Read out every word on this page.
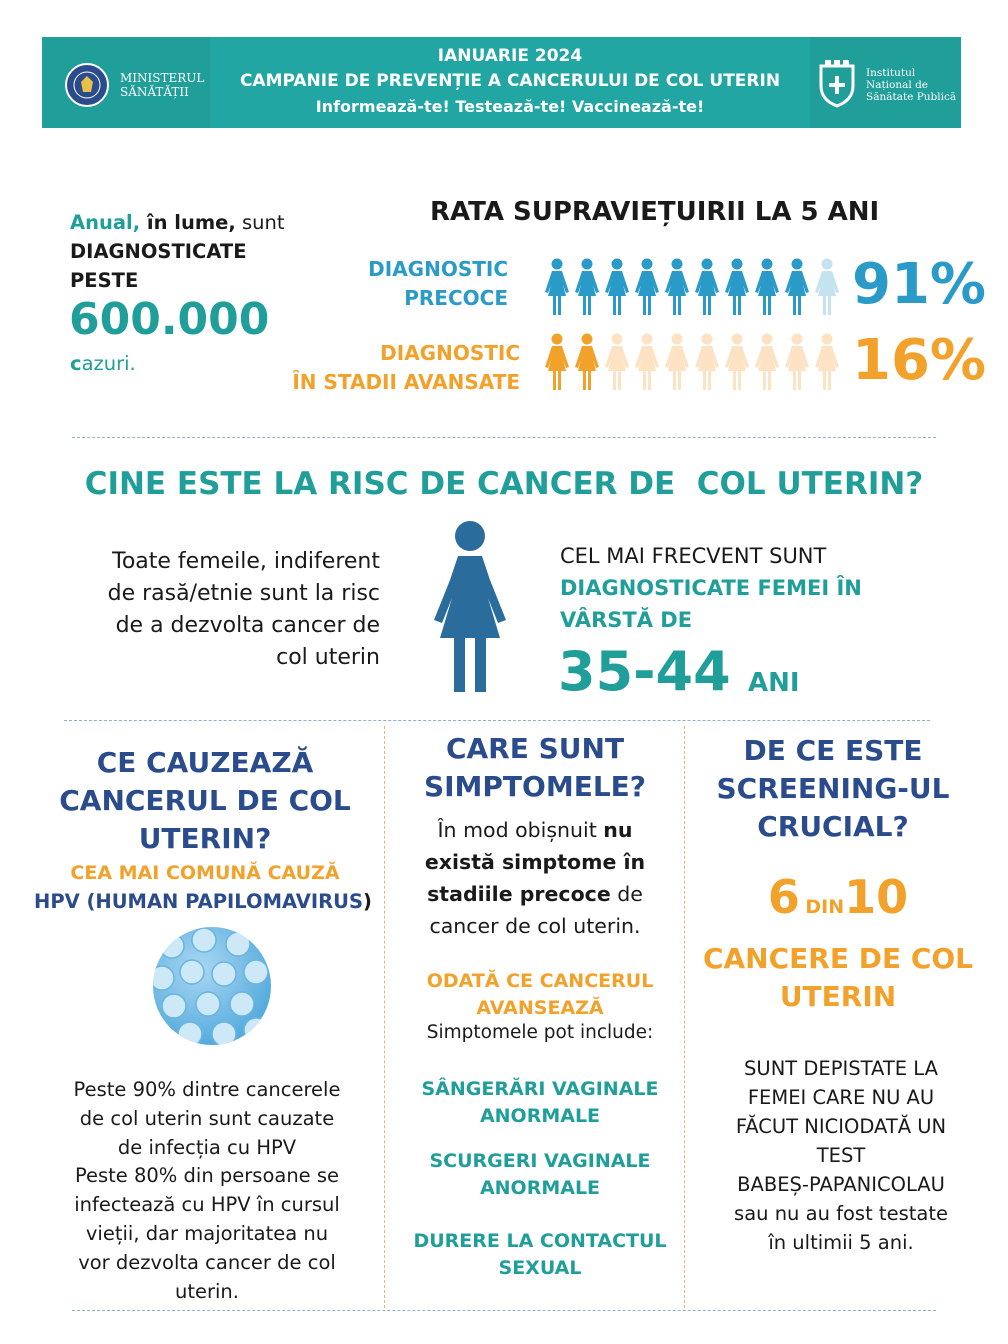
MINISTERUL
SĂNĂTĂȚII
IANUARIE 2024
CAMPANIE DE PREVENȚIE A CANCERULUI DE COL UTERIN
Informează-te! Testează-te! Vaccinează-te!
Institutul
Național de
Sănătate Publică
Anual, în lume, sunt
DIAGNOSTICATE
PESTE
600.000
cazuri.
RATA SUPRAVIEȚUIRII LA 5 ANI
DIAGNOSTIC
PRECOCE	91%
DIAGNOSTIC
ÎN STADII AVANSATE	16%
CINE ESTE LA RISC DE CANCER DE  COL UTERIN?
Toate femeile, indiferent
de rasă/etnie sunt la risc
de a dezvolta cancer de
col uterin
CEL MAI FRECVENT SUNT
DIAGNOSTICATE FEMEI ÎN
VÂRSTĂ DE
35-44 ANI
CE CAUZEAZĂ
CANCERUL DE COL
UTERIN?
CEA MAI COMUNĂ CAUZĂ
HPV (HUMAN PAPILOMAVIRUS)
Peste 90% dintre cancerele
de col uterin sunt cauzate
de infecția cu HPV
Peste 80% din persoane se
infectează cu HPV în cursul
vieții, dar majoritatea nu
vor dezvolta cancer de col
uterin.
CARE SUNT
SIMPTOMELE?
În mod obișnuit nu
există simptome în
stadiile precoce de
cancer de col uterin.
ODATĂ CE CANCERUL
AVANSEAZĂ
Simptomele pot include:
SÂNGERĂRI VAGINALE
ANORMALE
SCURGERI VAGINALE
ANORMALE
DURERE LA CONTACTUL
SEXUAL
DE CE ESTE
SCREENING-UL
CRUCIAL?
6 DIN10
CANCERE DE COL
UTERIN
SUNT DEPISTATE LA
FEMEI CARE NU AU
FĂCUT NICIODATĂ UN
TEST
BABEȘ-PAPANICOLAU
sau nu au fost testate
în ultimii 5 ani.
